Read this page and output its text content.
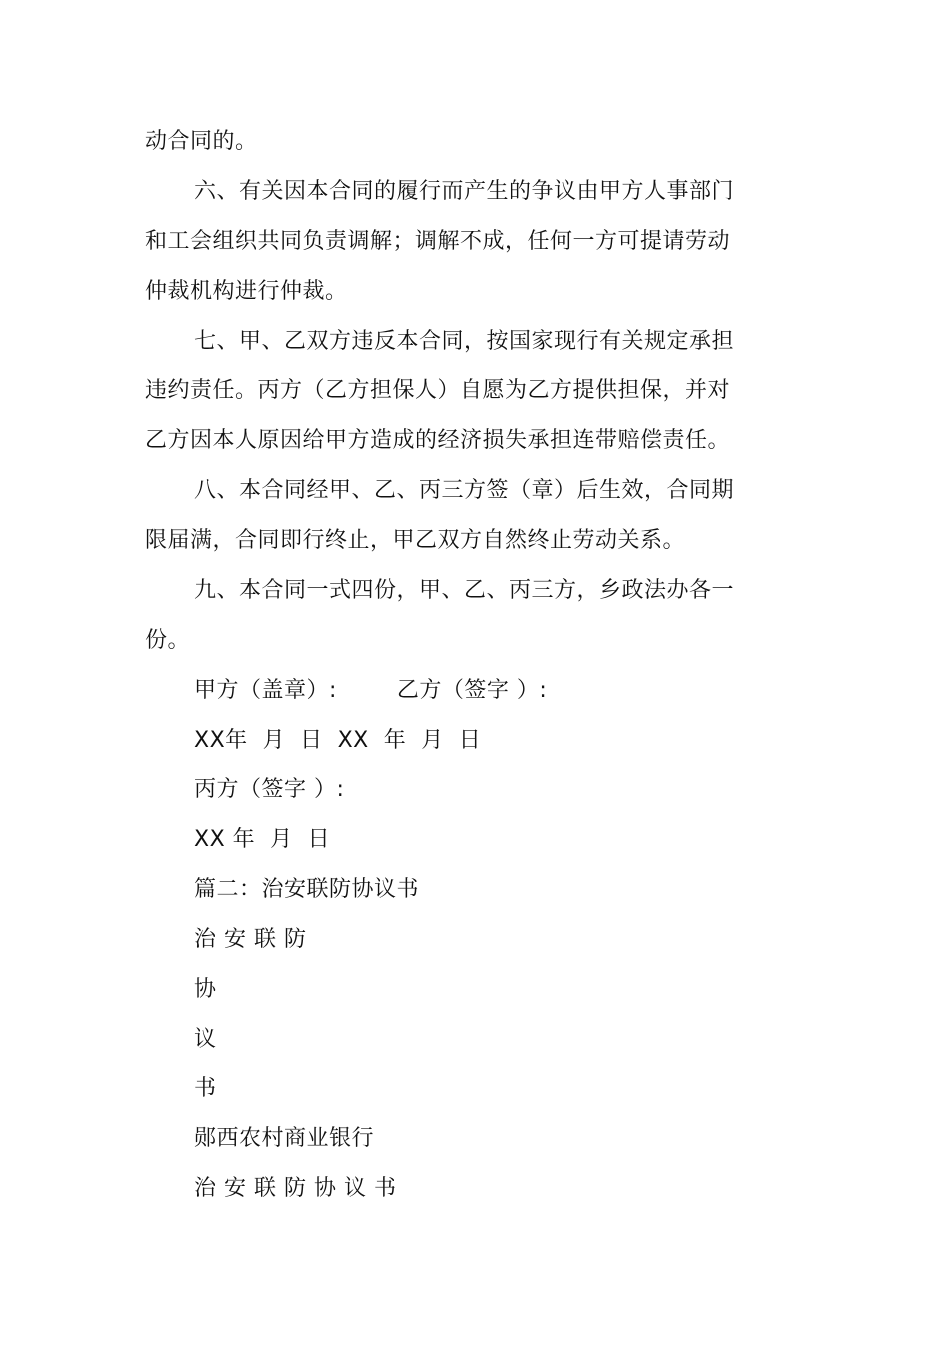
动合同的。
六、有关因本合同的履行而产生的争议由甲方人事部门
和工会组织共同负责调解；调解不成，任何一方可提请劳动
仲裁机构进行仲裁。
七、甲、乙双方违反本合同，按国家现行有关规定承担
违约责任。丙方（乙方担保人）自愿为乙方提供担保，并对
乙方因本人原因给甲方造成的经济损失承担连带赔偿责任。
八、本合同经甲、乙、丙三方签（章）后生效，合同期
限届满，合同即行终止，甲乙双方自然终止劳动关系。
九、本合同一式四份，甲、乙、丙三方，乡政法办各一
份。
甲方（盖章）:        乙方（签字 ）:
XX年  月  日  XX  年  月  日
丙方（签字 ）:
XX 年  月  日
篇二：治安联防协议书
治 安 联 防
协
议
书
郧西农村商业银行
治 安 联 防 协 议 书
